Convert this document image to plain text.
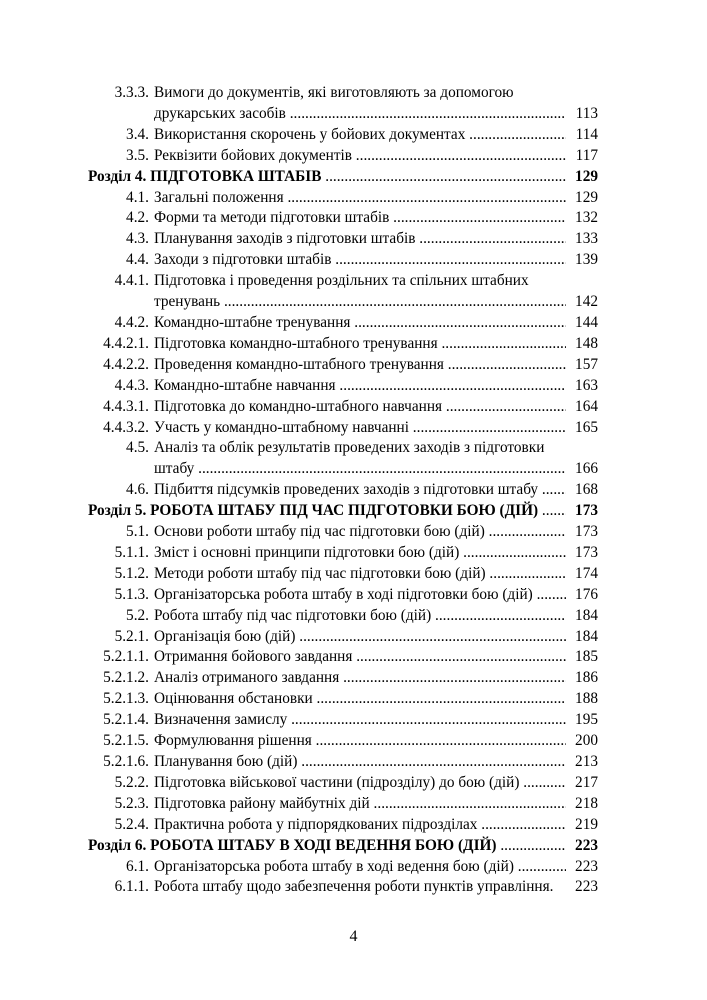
3.3.3. Вимоги до документів, які виготовляють за допомогою
друкарських засобів .....	113
3.4. Використання скорочень у бойових документах .....	114
3.5. Реквізити бойових документів .....	117
Розділ 4. ПІДГОТОВКА ШТАБІВ .....	129
4.1. Загальні положення .....	129
4.2. Форми та методи підготовки штабів .....	132
4.3. Планування заходів з підготовки штабів .....	133
4.4. Заходи з підготовки штабів .....	139
4.4.1. Підготовка і проведення роздільних та спільних штабних
тренувань .....	142
4.4.2. Командно-штабне тренування .....	144
4.4.2.1. Підготовка командно-штабного тренування .....	148
4.4.2.2. Проведення командно-штабного тренування .....	157
4.4.3. Командно-штабне навчання .....	163
4.4.3.1. Підготовка до командно-штабного навчання .....	164
4.4.3.2. Участь у командно-штабному навчанні .....	165
4.5. Аналіз та облік результатів проведених заходів з підготовки
штабу .....	166
4.6. Підбиття підсумків проведених заходів з підготовки штабу .....	168
Розділ 5. РОБОТА ШТАБУ ПІД ЧАС ПІДГОТОВКИ БОЮ (ДІЙ) .....	173
5.1. Основи роботи штабу під час підготовки бою (дій) .....	173
5.1.1. Зміст і основні принципи підготовки бою (дій) .....	173
5.1.2. Методи роботи штабу під час підготовки бою (дій) .....	174
5.1.3. Організаторська робота штабу в ході підготовки бою (дій) .....	176
5.2. Робота штабу під час підготовки бою (дій) .....	184
5.2.1. Організація бою (дій) .....	184
5.2.1.1. Отримання бойового завдання .....	185
5.2.1.2. Аналіз отриманого завдання .....	186
5.2.1.3. Оцінювання обстановки .....	188
5.2.1.4. Визначення замислу .....	195
5.2.1.5. Формулювання рішення .....	200
5.2.1.6. Планування бою (дій) .....	213
5.2.2. Підготовка військової частини (підрозділу) до бою (дій) .....	217
5.2.3. Підготовка району майбутніх дій .....	218
5.2.4. Практична робота у підпорядкованих підрозділах .....	219
Розділ 6. РОБОТА ШТАБУ В ХОДІ ВЕДЕННЯ БОЮ (ДІЙ) .....	223
6.1. Організаторська робота штабу в ході ведення бою (дій) .....	223
6.1.1. Робота штабу щодо забезпечення роботи пунктів управління.	223
4
